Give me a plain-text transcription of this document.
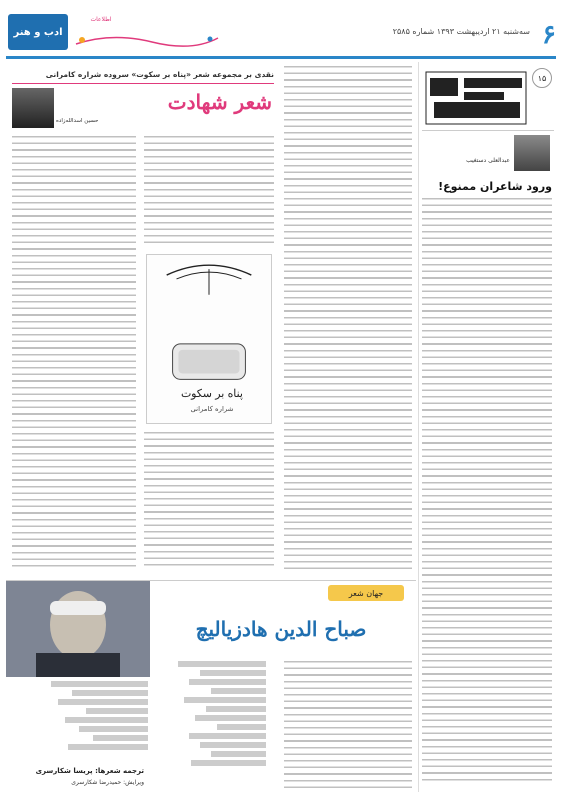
ادب و هنر
اطلاعات
سه‌شنبه ۲۱ اردیبهشت ۱۳۹۳ شماره ۲۵۸۵ ۶
۱۵
عبدالعلی دستغیب
ورود شاعران ممنوع!
نقدی بر مجموعه شعر «پناه بر سکوت» سروده شراره کامرانی
شعر شهادت
حسین اسدالله‌زاده
پناه بر سکوت
شراره کامرانی
جهان شعر
صباح الدین هادزیالیچ
ترجمه شعرها: پریسا شکارسری
ویرایش: حمیدرضا شکارسری
